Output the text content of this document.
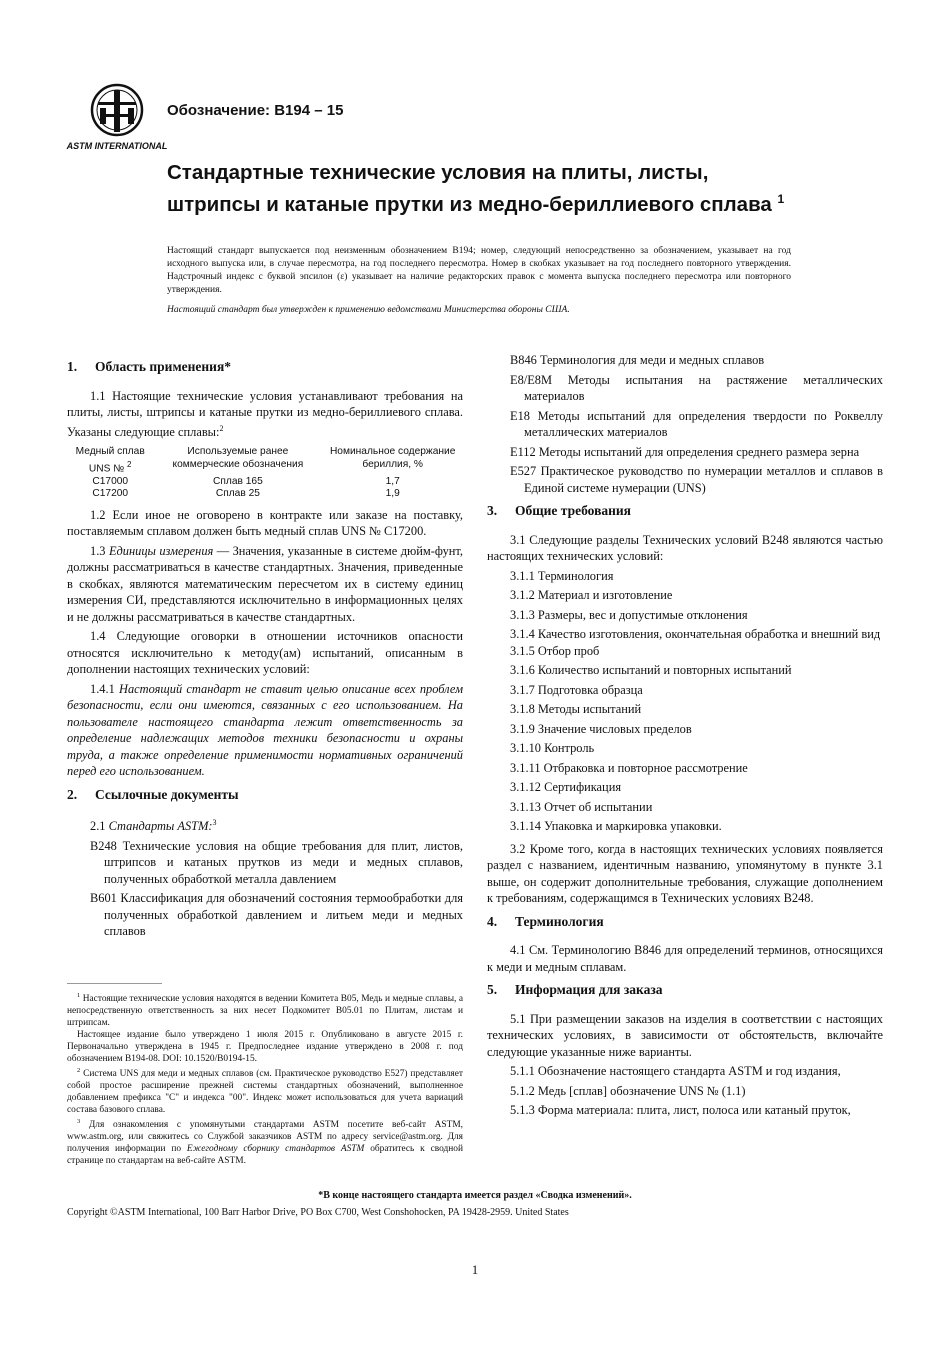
ASTM INTERNATIONAL
Обозначение: B194 – 15
Стандартные технические условия на плиты, листы, штрипсы и катаные прутки из медно-бериллиевого сплава $^1$

Настоящий стандарт выпускается под неизменным обозначением B194; номер, следующий непосредственно за обозначением, указывает на год исходного выпуска или, в случае пересмотра, на год последнего пересмотра. Номер в скобках указывает на год последнего повторного утверждения. Надстрочный индекс с буквой эпсилон (ε) указывает на наличие редакторских правок с момента выпуска последнего пересмотра или повторного утверждения.

Настоящий стандарт был утвержден к применению ведомствами Министерства обороны США.

1. Область применения*

1.1 Настоящие технические условия устанавливают требования на плиты, листы, штрипсы и катаные прутки из медно-бериллиевого сплава. Указаны следующие сплавы:$^2$

Медный сплав UNS № $^2$	Используемые ранее коммерческие обозначения	Номинальное содержание бериллия, %
C17000	Сплав 165	1,7
C17200	Сплав 25	1,9

1.2 Если иное не оговорено в контракте или заказе на поставку, поставляемым сплавом должен быть медный сплав UNS № C17200.

1.3 Единицы измерения — Значения, указанные в системе дюйм-фунт, должны рассматриваться в качестве стандартных. Значения, приведенные в скобках, являются математическим пересчетом их в систему единиц измерения СИ, представляются исключительно в информационных целях и не должны рассматриваться в качестве стандартных.

1.4 Следующие оговорки в отношении источников опасности относятся исключительно к методу(ам) испытаний, описанным в дополнении настоящих технических условий:

1.4.1 Настоящий стандарт не ставит целью описание всех проблем безопасности, если они имеются, связанных с его использованием. На пользователе настоящего стандарта лежит ответственность за определение надлежащих методов техники безопасности и охраны труда, а также определение применимости нормативных ограничений перед его использованием.

2. Ссылочные документы

2.1 Стандарты ASTM:$^3$

B248 Технические условия на общие требования для плит, листов, штрипсов и катаных прутков из меди и медных сплавов, полученных обработкой металла давлением

B601 Классификация для обозначений состояния термообработки для полученных обработкой давлением и литьем меди и медных сплавов

$^1$ Настоящие технические условия находятся в ведении Комитета B05, Медь и медные сплавы, а непосредственную ответственность за них несет Подкомитет B05.01 по Плитам, листам и штрипсам.

Настоящее издание было утверждено 1 июля 2015 г. Опубликовано в августе 2015 г. Первоначально утверждена в 1945 г. Предпоследнее издание утверждено в 2008 г. под обозначением B194-08. DOI: 10.1520/B0194-15.

$^2$ Система UNS для меди и медных сплавов (см. Практическое руководство E527) представляет собой простое расширение прежней системы стандартных обозначений, выполненное добавлением префикса "C" и индекса "00". Индекс может использоваться для учета вариаций состава базового сплава.

$^3$ Для ознакомления с упомянутыми стандартами ASTM посетите веб-сайт ASTM, www.astm.org, или свяжитесь со Службой заказчиков ASTM по адресу service@astm.org. Для получения информации по Ежегодному сборнику стандартов ASTM обратитесь к сводной странице по стандартам на веб-сайте ASTM.

B846 Терминология для меди и медных сплавов

E8/E8M Методы испытания на растяжение металлических материалов

E18 Методы испытаний для определения твердости по Роквеллу металлических материалов

E112 Методы испытаний для определения среднего размера зерна

E527 Практическое руководство по нумерации металлов и сплавов в Единой системе нумерации (UNS)

3. Общие требования

3.1 Следующие разделы Технических условий B248 являются частью настоящих технических условий:

3.1.1 Терминология

3.1.2 Материал и изготовление

3.1.3 Размеры, вес и допустимые отклонения

3.1.4 Качество изготовления, окончательная обработка и внешний вид

3.1.5 Отбор проб

3.1.6 Количество испытаний и повторных испытаний

3.1.7 Подготовка образца

3.1.8 Методы испытаний

3.1.9 Значение числовых пределов

3.1.10 Контроль

3.1.11 Отбраковка и повторное рассмотрение

3.1.12 Сертификация

3.1.13 Отчет об испытании

3.1.14 Упаковка и маркировка упаковки.

3.2 Кроме того, когда в настоящих технических условиях появляется раздел с названием, идентичным названию, упомянутому в пункте 3.1 выше, он содержит дополнительные требования, служащие дополнением к требованиям, содержащимся в Технических условиях B248.

4. Терминология

4.1 См. Терминологию B846 для определений терминов, относящихся к меди и медным сплавам.

5. Информация для заказа

5.1 При размещении заказов на изделия в соответствии с настоящих технических условиях, в зависимости от обстоятельств, включайте следующие указанные ниже варианты.

5.1.1 Обозначение настоящего стандарта ASTM и год издания,

5.1.2 Медь [сплав] обозначение UNS № (1.1)

5.1.3 Форма материала: плита, лист, полоса или катаный пруток,

*В конце настоящего стандарта имеется раздел «Сводка изменений».
Copyright ©ASTM International, 100 Barr Harbor Drive, PO Box C700, West Conshohocken, PA 19428-2959. United States
1
